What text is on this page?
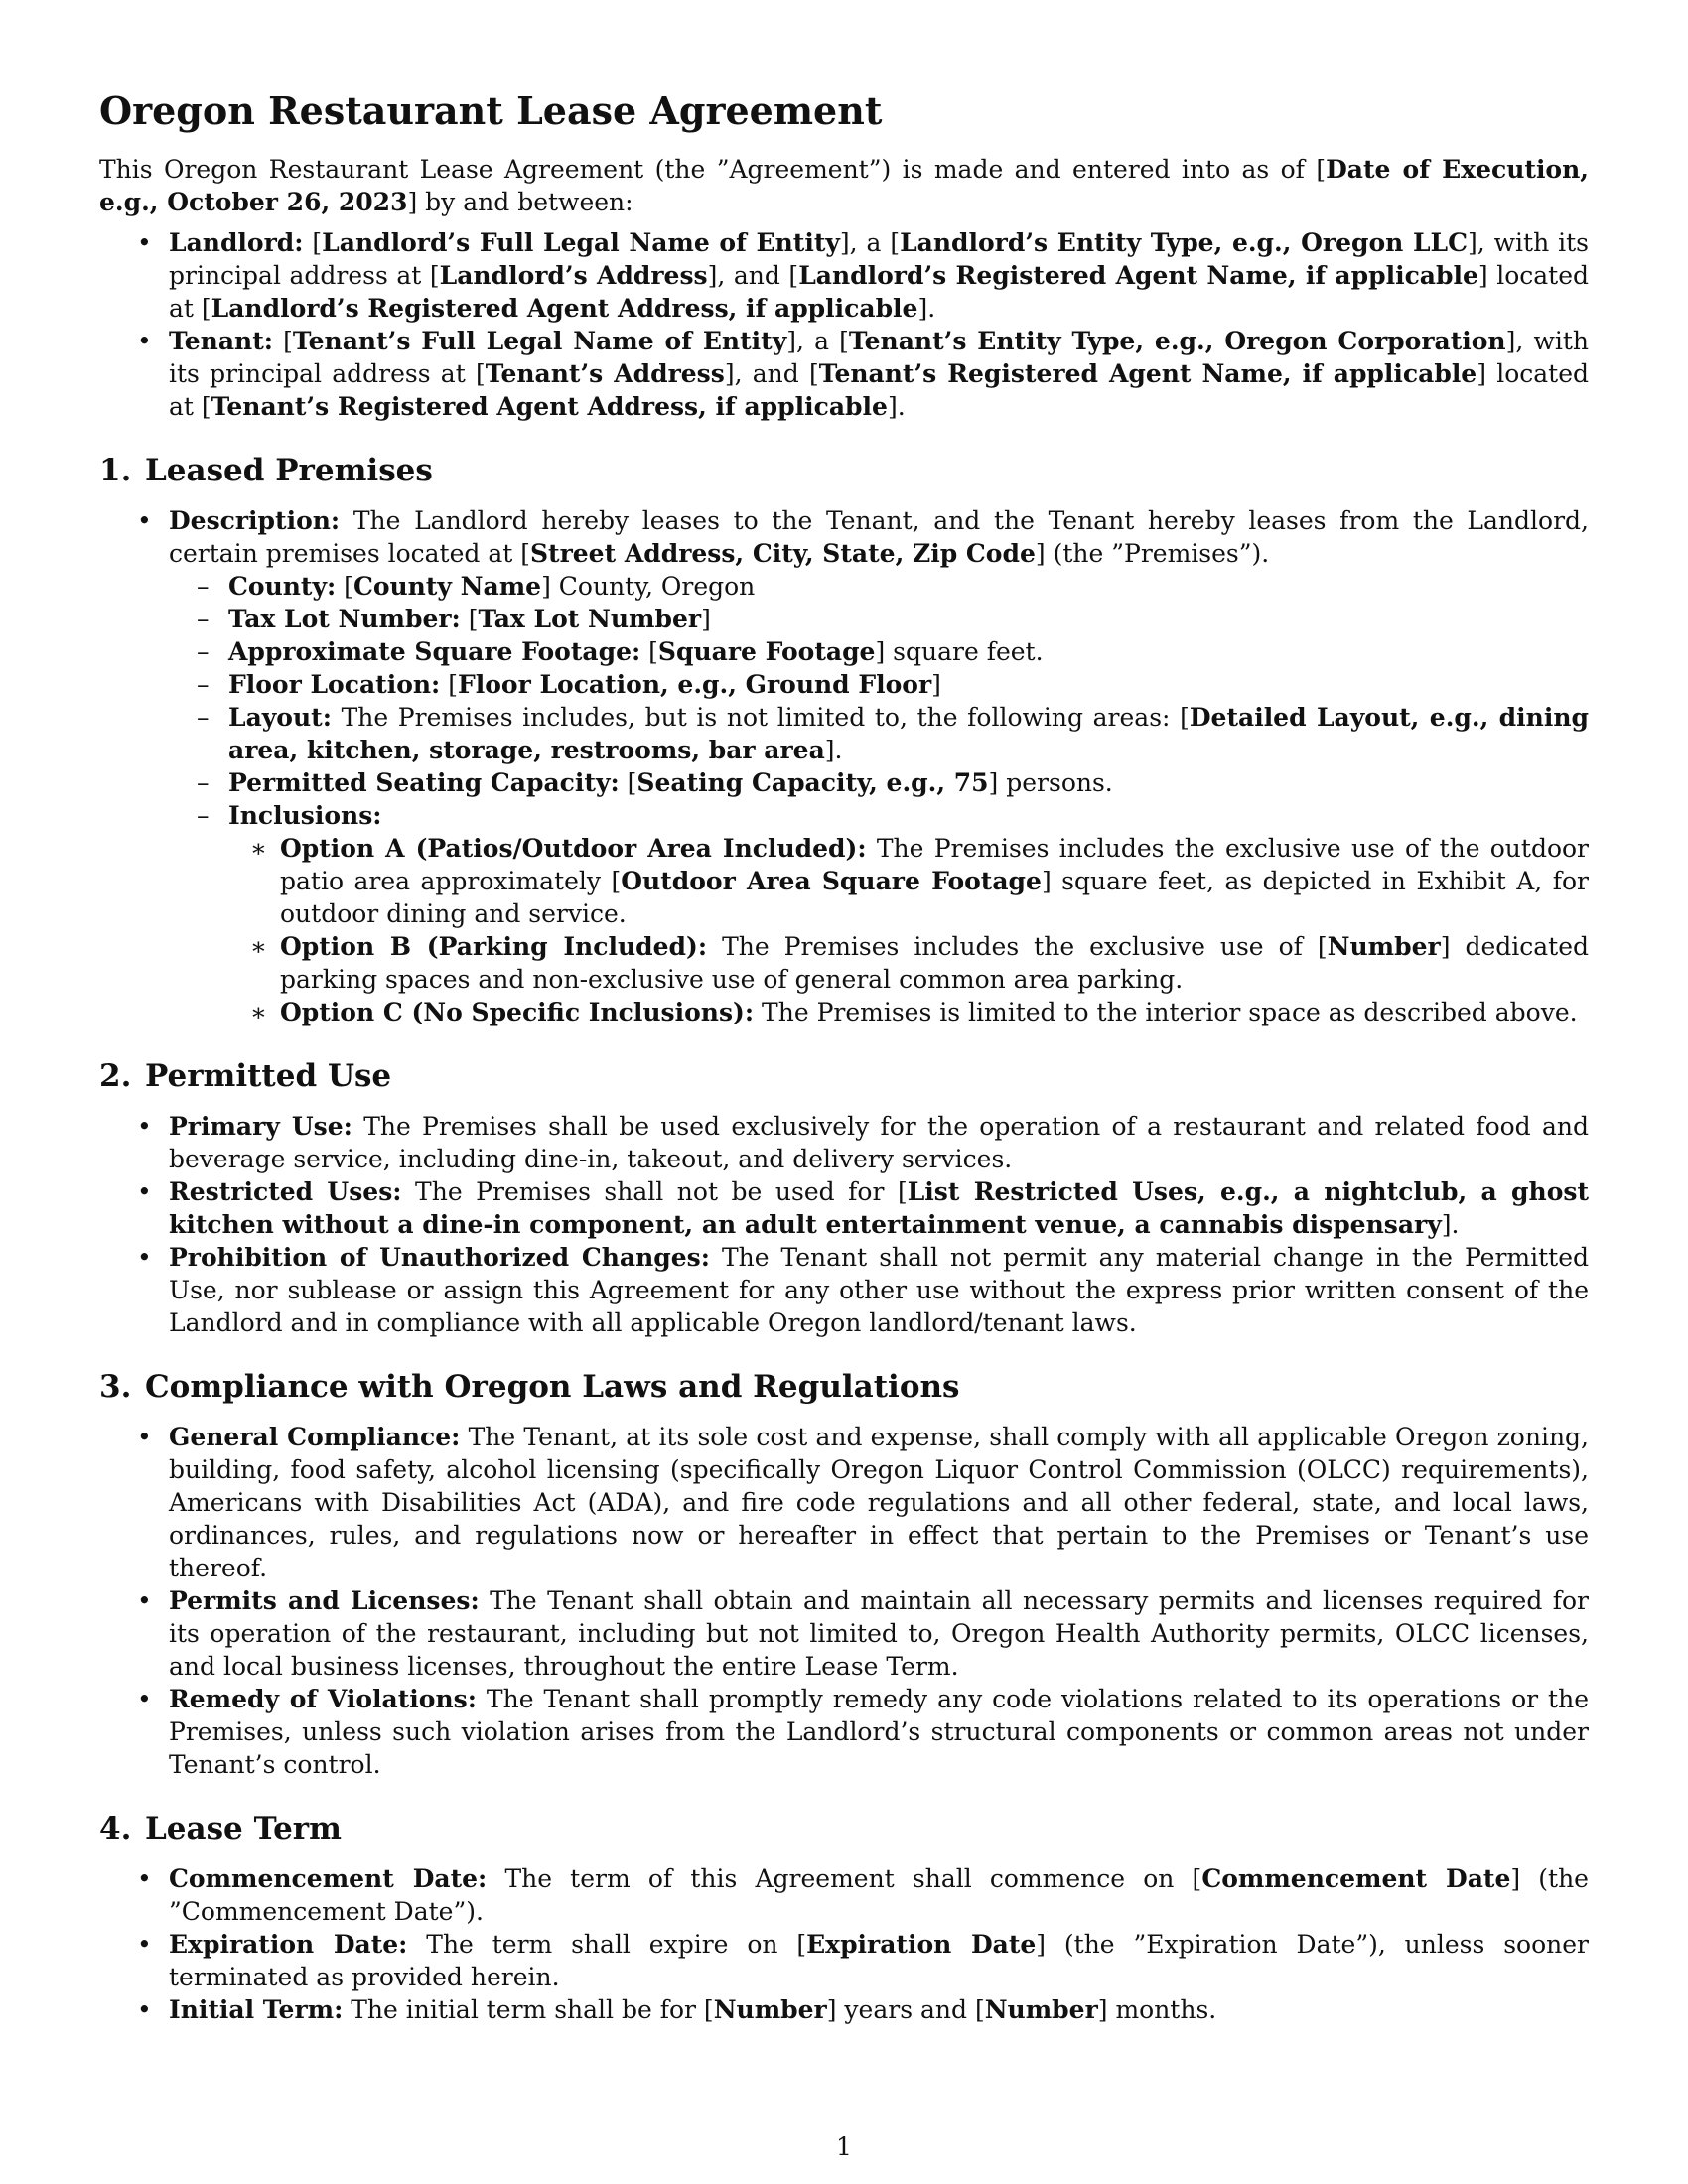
Oregon Restaurant Lease Agreement

This Oregon Restaurant Lease Agreement (the ”Agreement”) is made and entered into as of [Date of Execution, e.g., October 26, 2023] by and between:

• Landlord: [Landlord’s Full Legal Name of Entity], a [Landlord’s Entity Type, e.g., Oregon LLC], with its principal address at [Landlord’s Address], and [Landlord’s Registered Agent Name, if applicable] located at [Landlord’s Registered Agent Address, if applicable].
• Tenant: [Tenant’s Full Legal Name of Entity], a [Tenant’s Entity Type, e.g., Oregon Corporation], with its principal address at [Tenant’s Address], and [Tenant’s Registered Agent Name, if applicable] located at [Tenant’s Registered Agent Address, if applicable].
1. Leased Premises
• Description: The Landlord hereby leases to the Tenant, and the Tenant hereby leases from the Landlord, certain premises located at [Street Address, City, State, Zip Code] (the ”Premises”).
– County: [County Name] County, Oregon
– Tax Lot Number: [Tax Lot Number]
– Approximate Square Footage: [Square Footage] square feet.
– Floor Location: [Floor Location, e.g., Ground Floor]
– Layout: The Premises includes, but is not limited to, the following areas: [Detailed Layout, e.g., dining area, kitchen, storage, restrooms, bar area].
– Permitted Seating Capacity: [Seating Capacity, e.g., 75] persons.
– Inclusions:
∗ Option A (Patios/Outdoor Area Included): The Premises includes the exclusive use of the outdoor patio area approximately [Outdoor Area Square Footage] square feet, as depicted in Exhibit A, for outdoor dining and service.
∗ Option B (Parking Included): The Premises includes the exclusive use of [Number] dedicated parking spaces and non-exclusive use of general common area parking.
∗ Option C (No Specific Inclusions): The Premises is limited to the interior space as described above.
2. Permitted Use
• Primary Use: The Premises shall be used exclusively for the operation of a restaurant and related food and beverage service, including dine-in, takeout, and delivery services.
• Restricted Uses: The Premises shall not be used for [List Restricted Uses, e.g., a nightclub, a ghost kitchen without a dine-in component, an adult entertainment venue, a cannabis dispensary].
• Prohibition of Unauthorized Changes: The Tenant shall not permit any material change in the Permitted Use, nor sublease or assign this Agreement for any other use without the express prior written consent of the Landlord and in compliance with all applicable Oregon landlord/tenant laws.
3. Compliance with Oregon Laws and Regulations
• General Compliance: The Tenant, at its sole cost and expense, shall comply with all applicable Oregon zoning, building, food safety, alcohol licensing (specifically Oregon Liquor Control Commission (OLCC) requirements), Americans with Disabilities Act (ADA), and fire code regulations and all other federal, state, and local laws, ordinances, rules, and regulations now or hereafter in effect that pertain to the Premises or Tenant’s use thereof.
• Permits and Licenses: The Tenant shall obtain and maintain all necessary permits and licenses required for its operation of the restaurant, including but not limited to, Oregon Health Authority permits, OLCC licenses, and local business licenses, throughout the entire Lease Term.
• Remedy of Violations: The Tenant shall promptly remedy any code violations related to its operations or the Premises, unless such violation arises from the Landlord’s structural components or common areas not under Tenant’s control.
4. Lease Term
• Commencement Date: The term of this Agreement shall commence on [Commencement Date] (the ”Commencement Date”).
• Expiration Date: The term shall expire on [Expiration Date] (the ”Expiration Date”), unless sooner terminated as provided herein.
• Initial Term: The initial term shall be for [Number] years and [Number] months.
1
